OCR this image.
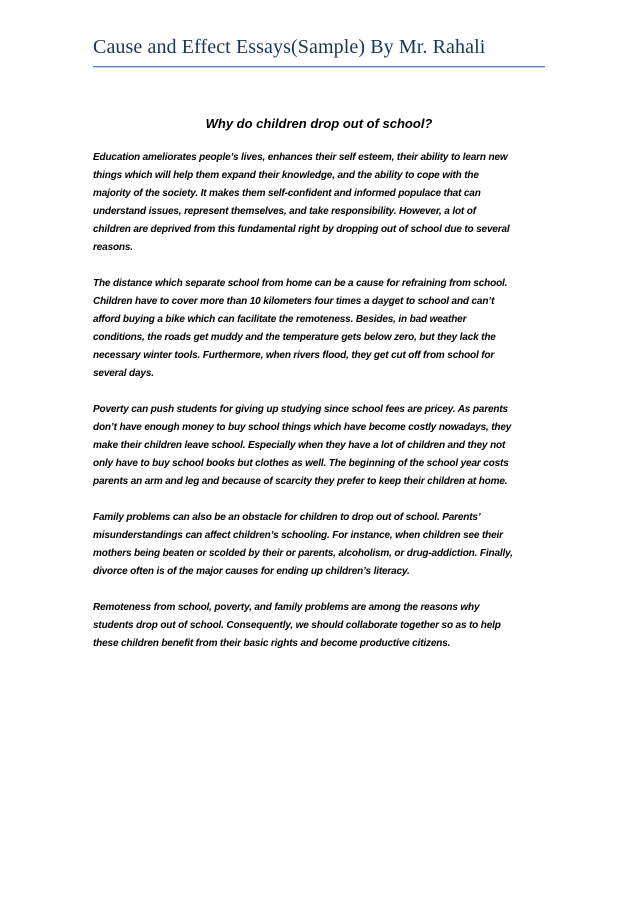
Cause and Effect Essays(Sample) By Mr. Rahali
Why do children drop out of school?

Education ameliorates people’s lives, enhances their self esteem, their ability to learn new
things which will help them expand their knowledge, and the ability to cope with the
majority of the society. It makes them self-confident and informed populace that can
understand issues, represent themselves, and take responsibility. However, a lot of
children are deprived from this fundamental right by dropping out of school due to several
reasons.

The distance which separate school from home can be a cause for refraining from school.
Children have to cover more than 10 kilometers four times a dayget to school and can’t
afford buying a bike which can facilitate the remoteness. Besides, in bad weather
conditions, the roads get muddy and the temperature gets below zero, but they lack the
necessary winter tools. Furthermore, when rivers flood, they get cut off from school for
several days.

Poverty can push students for giving up studying since school fees are pricey. As parents
don’t have enough money to buy school things which have become costly nowadays, they
make their children leave school. Especially when they have a lot of children and they not
only have to buy school books but clothes as well. The beginning of the school year costs
parents an arm and leg and because of scarcity they prefer to keep their children at home.

Family problems can also be an obstacle for children to drop out of school. Parents’
misunderstandings can affect children’s schooling. For instance, when children see their
mothers being beaten or scolded by their or parents, alcoholism, or drug-addiction. Finally,
divorce often is of the major causes for ending up children’s literacy.

Remoteness from school, poverty, and family problems are among the reasons why
students drop out of school. Consequently, we should collaborate together so as to help
these children benefit from their basic rights and become productive citizens.
